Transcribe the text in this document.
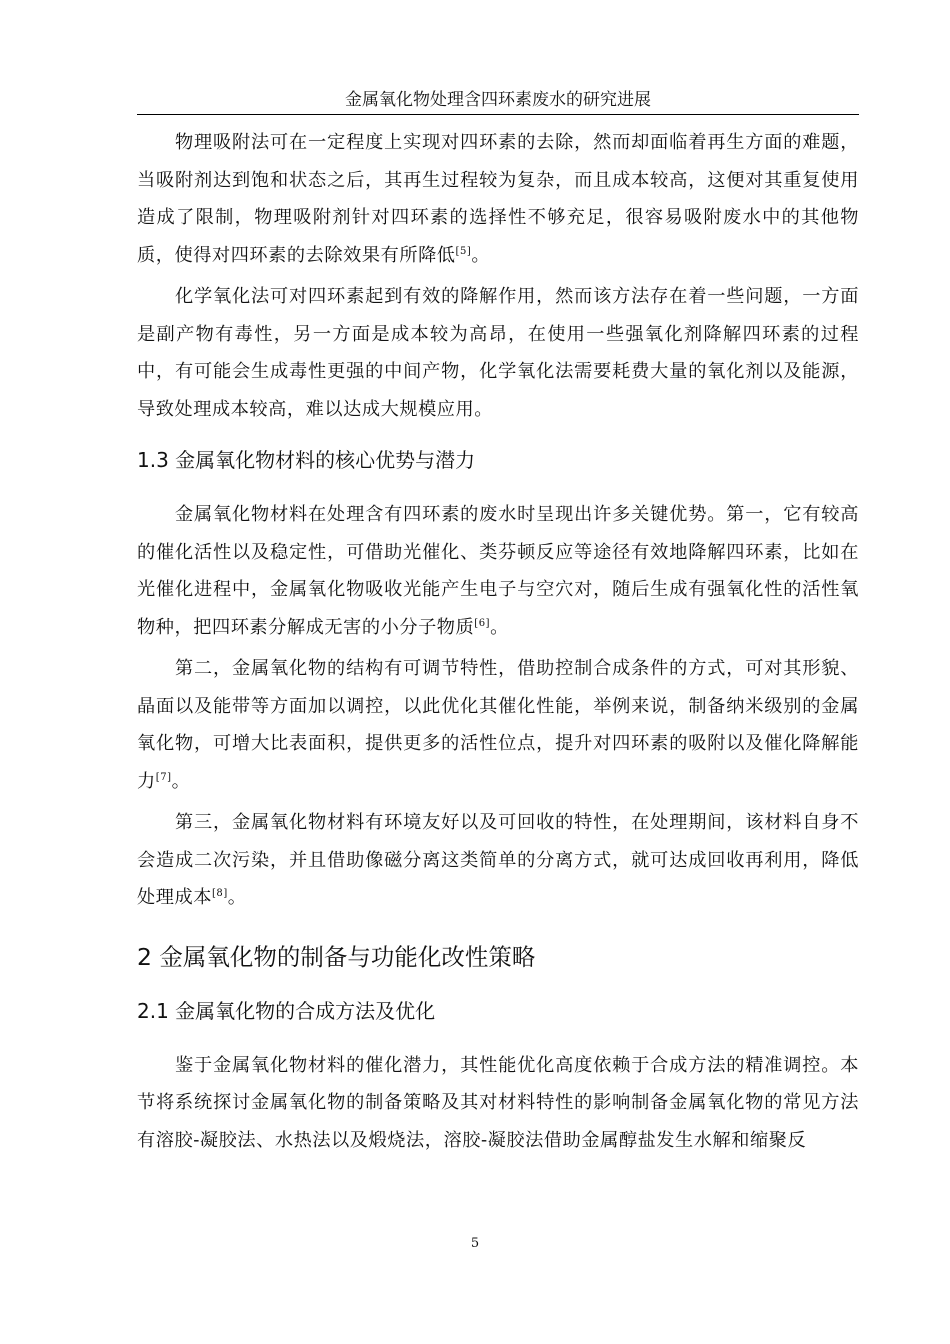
金属氧化物处理含四环素废水的研究进展

物理吸附法可在一定程度上实现对四环素的去除，然而却面临着再生方面的难题，当吸附剂达到饱和状态之后，其再生过程较为复杂，而且成本较高，这便对其重复使用造成了限制，物理吸附剂针对四环素的选择性不够充足，很容易吸附废水中的其他物质，使得对四环素的去除效果有所降低[5]。

化学氧化法可对四环素起到有效的降解作用，然而该方法存在着一些问题，一方面是副产物有毒性，另一方面是成本较为高昂，在使用一些强氧化剂降解四环素的过程中，有可能会生成毒性更强的中间产物，化学氧化法需要耗费大量的氧化剂以及能源，导致处理成本较高，难以达成大规模应用。

1.3 金属氧化物材料的核心优势与潜力

金属氧化物材料在处理含有四环素的废水时呈现出许多关键优势。第一，它有较高的催化活性以及稳定性，可借助光催化、类芬顿反应等途径有效地降解四环素，比如在光催化进程中，金属氧化物吸收光能产生电子与空穴对，随后生成有强氧化性的活性氧物种，把四环素分解成无害的小分子物质[6]。

第二，金属氧化物的结构有可调节特性，借助控制合成条件的方式，可对其形貌、晶面以及能带等方面加以调控，以此优化其催化性能，举例来说，制备纳米级别的金属氧化物，可增大比表面积，提供更多的活性位点，提升对四环素的吸附以及催化降解能力[7]。

第三，金属氧化物材料有环境友好以及可回收的特性，在处理期间，该材料自身不会造成二次污染，并且借助像磁分离这类简单的分离方式，就可达成回收再利用，降低处理成本[8]。

2 金属氧化物的制备与功能化改性策略
2.1 金属氧化物的合成方法及优化

鉴于金属氧化物材料的催化潜力，其性能优化高度依赖于合成方法的精准调控。本节将系统探讨金属氧化物的制备策略及其对材料特性的影响制备金属氧化物的常见方法有溶胶-凝胶法、水热法以及煅烧法，溶胶-凝胶法借助金属醇盐发生水解和缩聚反

5
